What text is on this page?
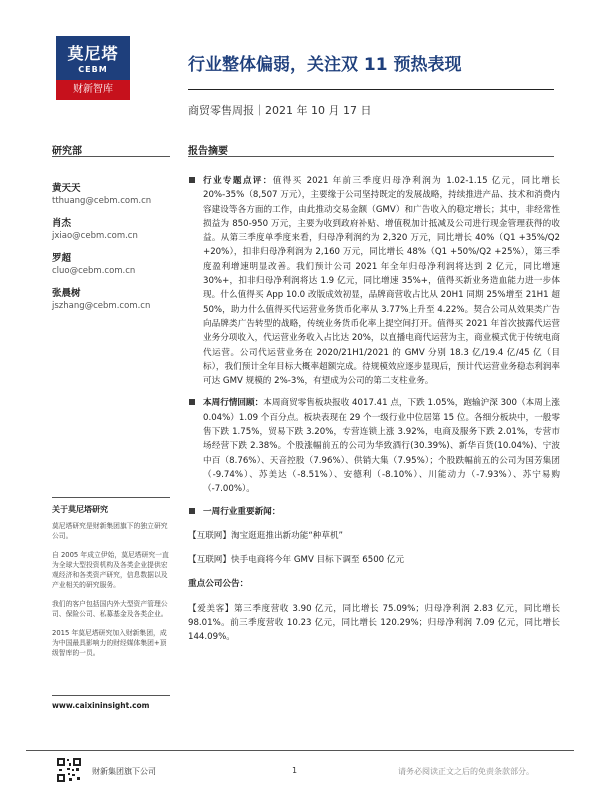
莫尼塔
CEBM
财新智库
行业整体偏弱，关注双 11 预热表现
商贸零售周报｜2021 年 10 月 17 日
研究部	报告摘要
黄天天
tthuang@cebm.com.cn
肖杰
jxiao@cebm.com.cn
罗超
cluo@cebm.com.cn
张晨树
jszhang@cebm.com.cn
关于莫尼塔研究

莫尼塔研究是财新集团旗下的独立研究公司。

自 2005 年成立伊始，莫尼塔研究一直为全球大型投资机构及各类企业提供宏观经济和各类资产研究，信息数据以及产业相关的研究服务。

我们的客户包括国内外大型资产管理公司、保险公司、私募基金及各类企业。

2015 年莫尼塔研究加入财新集团，成为中国最具影响力的财经媒体集团+顶级智库的一员。

www.caixininsight.com
行业专题点评：值得买 2021 年前三季度归母净利润为 1.02-1.15 亿元，同比增长 20%-35%（8,507 万元），主要缘于公司坚持既定的发展战略，持续推进产品、技术和消费内容建设等各方面的工作，由此推动交易金额（GMV）和广告收入的稳定增长；其中，非经常性损益为 850-950 万元，主要为收到政府补贴、增值税加计抵减及公司进行现金管理获得的收益。从第三季度单季度来看，归母净利润约为 2,320 万元，同比增长 40%（Q1 +35%/Q2 +20%），扣非归母净利润为 2,160 万元，同比增长 48%（Q1 +50%/Q2 +25%），第三季度盈利增速明显改善。我们预计公司 2021 年全年归母净利润将达到 2 亿元，同比增速 30%+，扣非归母净利润将达 1.9 亿元，同比增速 35%+，值得买新业务造血能力进一步体现。什么值得买 App 10.0 改版成效初显，品牌商营收占比从 20H1 同期 25%增至 21H1 超 50%，助力什么值得买代运营业务货币化率从 3.77%上升至 4.22%。契合公司从效果类广告向品牌类广告转型的战略，传统业务货币化率上提空间打开。值得买 2021 年首次披露代运营业务分项收入，代运营业务收入占比达 20%，以直播电商代运营为主，商业模式优于传统电商代运营。公司代运营业务在 2020/21H1/2021 的 GMV 分别 18.3 亿/19.4 亿/45 亿（目标），我们预计全年目标大概率超额完成。待规模效应逐步显现后，预计代运营业务稳态利润率可达 GMV 规模的 2%-3%，有望成为公司的第二支柱业务。
本周行情回顾：本周商贸零售板块报收 4017.41 点，下跌 1.05%，跑输沪深 300（本周上涨 0.04%）1.09 个百分点。板块表现在 29 个一级行业中位居第 15 位。各细分板块中，一般零售下跌 1.75%，贸易下跌 3.20%，专营连锁上涨 3.92%，电商及服务下跌 2.01%，专营市场经营下跌 2.38%。个股涨幅前五的公司为华致酒行(30.39%)、新华百货(10.04%)、宁波中百（8.76%）、天音控股（7.96%）、供销大集（7.95%）；个股跌幅前五的公司为国芳集团（-9.74%）、苏美达（-8.51%）、安德利（-8.10%）、川能动力（-7.93%）、苏宁易购（-7.00%）。
一周行业重要新闻：
【互联网】淘宝逛逛推出新功能“种草机”
【互联网】快手电商将今年 GMV 目标下调至 6500 亿元
重点公司公告：
【爱美客】第三季度营收 3.90 亿元，同比增长 75.09%；归母净利润 2.83 亿元，同比增长 98.01%。前三季度营收 10.23 亿元，同比增长 120.29%；归母净利润 7.09 亿元，同比增长 144.09%。
财新集团旗下公司	1	请务必阅读正文之后的免责条款部分。
